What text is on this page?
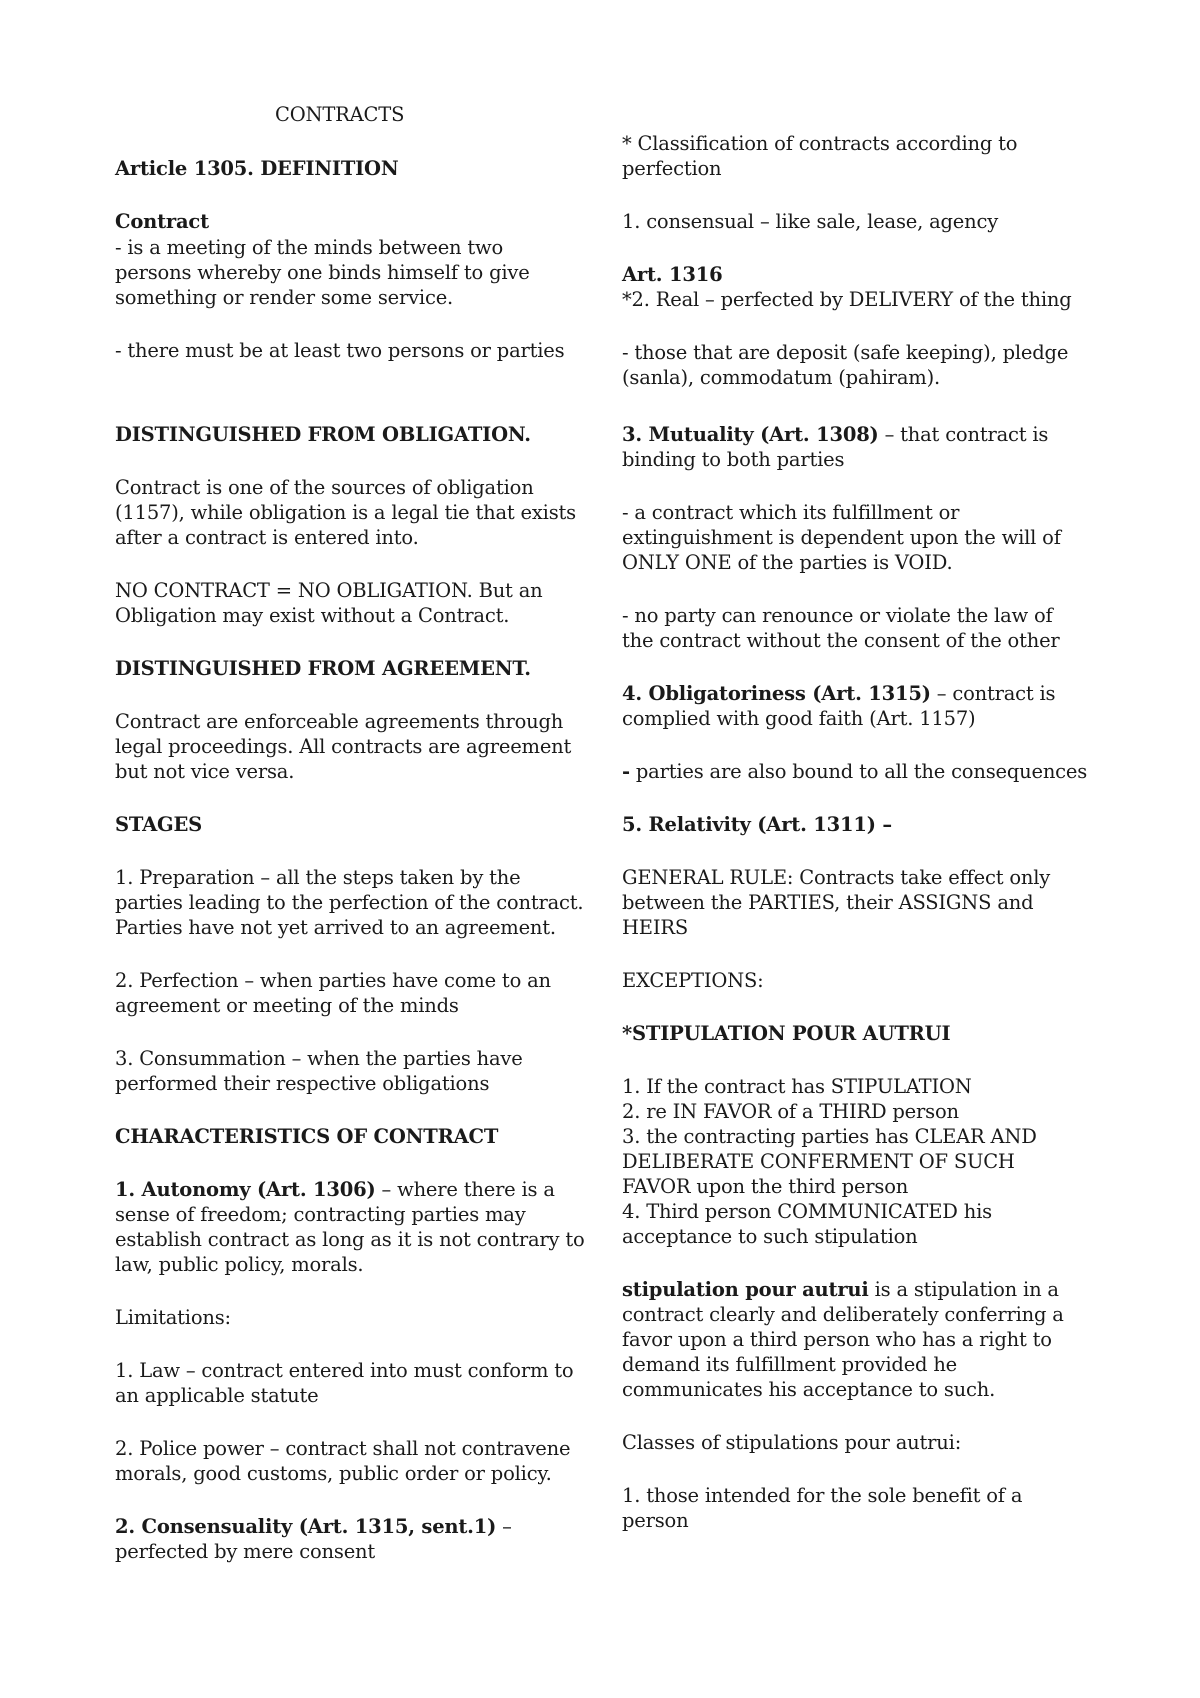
CONTRACTS
Article 1305. DEFINITION
Contract
- is a meeting of the minds between two
persons whereby one binds himself to give
something or render some service.
- there must be at least two persons or parties
DISTINGUISHED FROM OBLIGATION.
Contract is one of the sources of obligation
(1157), while obligation is a legal tie that exists
after a contract is entered into.
NO CONTRACT = NO OBLIGATION. But an
Obligation may exist without a Contract.
DISTINGUISHED FROM AGREEMENT.
Contract are enforceable agreements through
legal proceedings. All contracts are agreement
but not vice versa.
STAGES
1. Preparation – all the steps taken by the
parties leading to the perfection of the contract.
Parties have not yet arrived to an agreement.
2. Perfection – when parties have come to an
agreement or meeting of the minds
3. Consummation – when the parties have
performed their respective obligations
CHARACTERISTICS OF CONTRACT
1. Autonomy (Art. 1306) – where there is a
sense of freedom; contracting parties may
establish contract as long as it is not contrary to
law, public policy, morals.
Limitations:
1. Law – contract entered into must conform to
an applicable statute
2. Police power – contract shall not contravene
morals, good customs, public order or policy.
2. Consensuality (Art. 1315, sent.1) –
perfected by mere consent
* Classification of contracts according to
perfection
1. consensual – like sale, lease, agency
Art. 1316
*2. Real – perfected by DELIVERY of the thing
- those that are deposit (safe keeping), pledge
(sanla), commodatum (pahiram).
3. Mutuality (Art. 1308) – that contract is
binding to both parties
- a contract which its fulfillment or
extinguishment is dependent upon the will of
ONLY ONE of the parties is VOID.
- no party can renounce or violate the law of
the contract without the consent of the other
4. Obligatoriness (Art. 1315) – contract is
complied with good faith (Art. 1157)
- parties are also bound to all the consequences
5. Relativity (Art. 1311) –
GENERAL RULE: Contracts take effect only
between the PARTIES, their ASSIGNS and
HEIRS
EXCEPTIONS:
*STIPULATION POUR AUTRUI
1. If the contract has STIPULATION
2. re IN FAVOR of a THIRD person
3. the contracting parties has CLEAR AND
DELIBERATE CONFERMENT OF SUCH
FAVOR upon the third person
4. Third person COMMUNICATED his
acceptance to such stipulation
stipulation pour autrui is a stipulation in a
contract clearly and deliberately conferring a
favor upon a third person who has a right to
demand its fulfillment provided he
communicates his acceptance to such.
Classes of stipulations pour autrui:
1. those intended for the sole benefit of a
person
